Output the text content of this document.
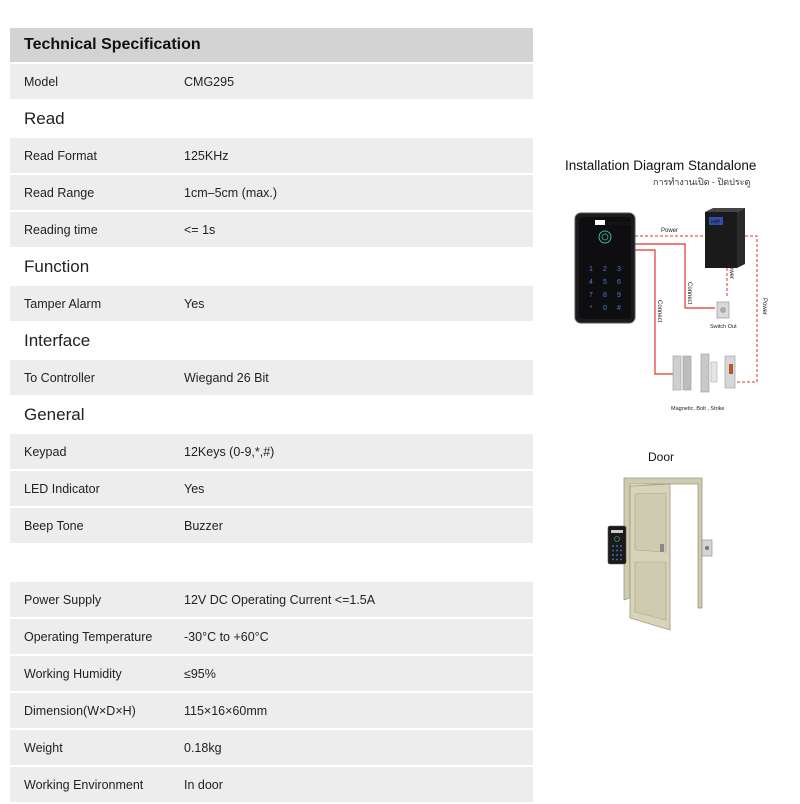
Technical Specification
Model	CMG295
Read
Read Format	125KHz
Read Range	1cm–5cm (max.)
Reading time	<= 1s
Function
Tamper Alarm	Yes
Interface
To Controller	Wiegand 26 Bit
General
Keypad	12Keys (0-9,*,#)
LED Indicator	Yes
Beep Tone	Buzzer
Power Supply	12V DC Operating Current <=1.5A
Operating Temperature	-30°C to +60°C
Working Humidity	≤95%
Dimension(W×D×H)	115×16×60mm
Weight	0.18kg
Working Environment	In door
Installation Diagram Standalone
การทำงานเปิด - ปิดประตู
HIP CMG295
1 2 3
4 5 6
7 8 9
* 0 #
HIP
Power
Power
Power
Connect
Connect
Switch Out
Magnetic, Bolt , Strike
Door
